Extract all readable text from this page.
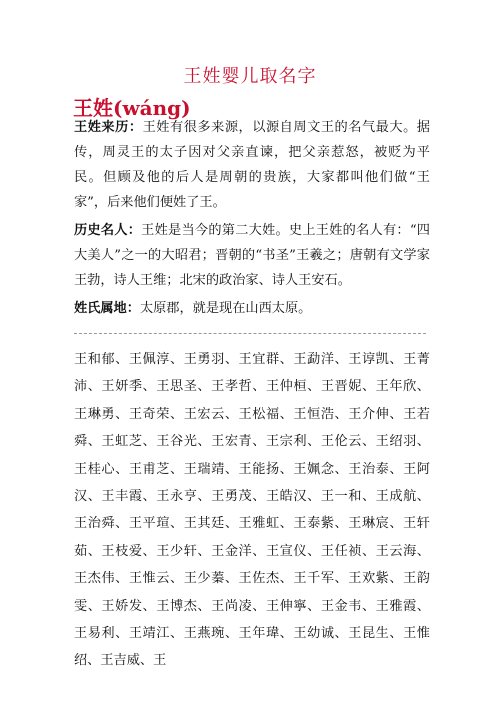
王姓婴儿取名字
王姓(wáng)
王姓来历：王姓有很多来源，以源自周文王的名气最大。据传，周灵王的太子因对父亲直谏，把父亲惹怒，被贬为平民。但顾及他的后人是周朝的贵族，大家都叫他们做“王家”，后来他们便姓了王。
历史名人：王姓是当今的第二大姓。史上王姓的名人有：“四大美人”之一的大昭君；晋朝的“书圣”王羲之；唐朝有文学家王勃，诗人王维；北宋的政治家、诗人王安石。
姓氏属地：太原郡，就是现在山西太原。
王和郁、王佩淳、王勇羽、王宜群、王勐洋、王谆凯、王菁沛、王妍季、王思圣、王孝哲、王仲桓、王晋妮、王年欣、王琳勇、王奇荣、王宏云、王松福、王恒浩、王介伸、王若舜、王虹芝、王谷光、王宏青、王宗利、王伦云、王绍羽、王桂心、王甫芝、王瑞靖、王能扬、王姵念、王治泰、王阿汉、王丰霞、王永亨、王勇茂、王皓汉、王一和、王成航、王治舜、王平瑄、王其廷、王雅虹、王泰紫、王琳宸、王轩茹、王枝爱、王少轩、王金洋、王宣仪、王任祯、王云海、王杰伟、王惟云、王少蓁、王佐杰、王千军、王欢紫、王韵雯、王娇发、王博杰、王尚凌、王伸寧、王金韦、王雅霞、王易利、王靖江、王燕琬、王年瑋、王幼诚、王昆生、王惟绍、王吉威、王
